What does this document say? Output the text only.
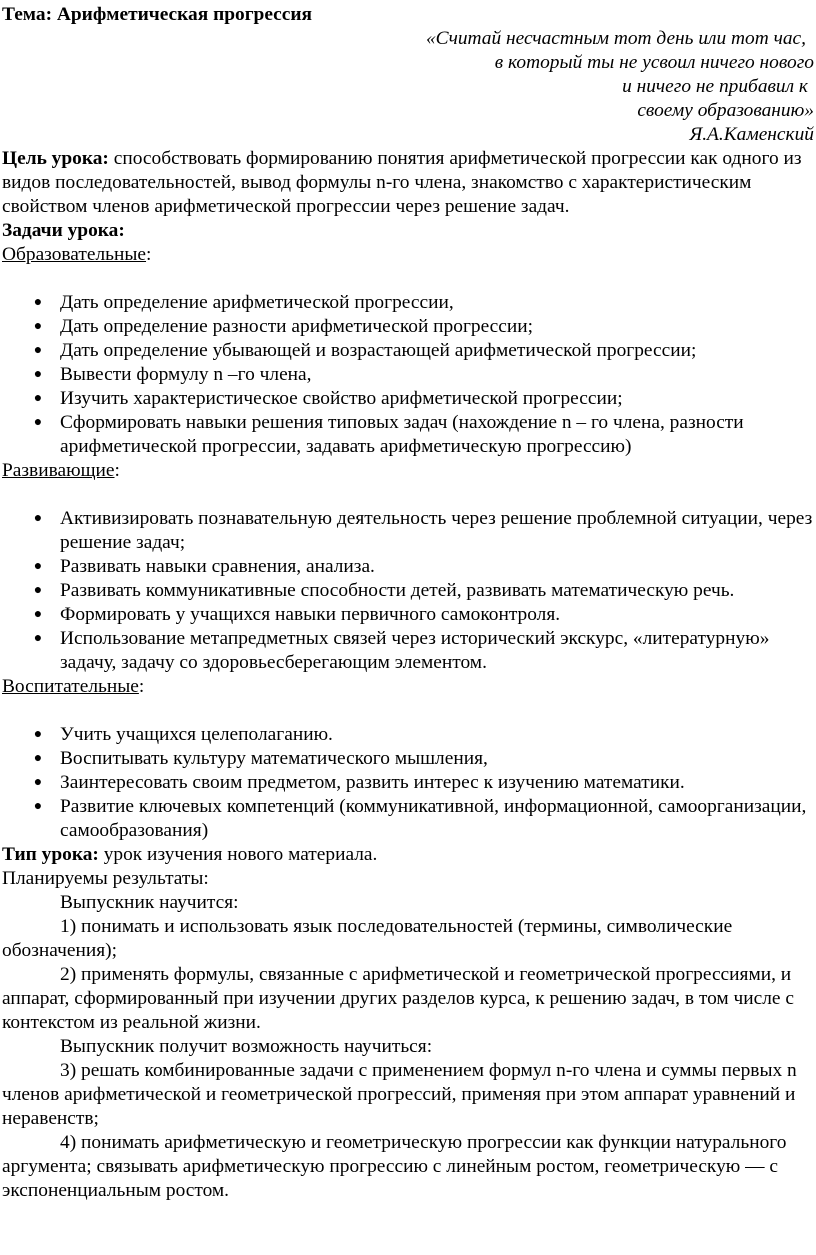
Тема: Арифметическая прогрессия

«Считай несчастным тот день или тот час,

в который ты не усвоил ничего нового

и ничего не прибавил к

своему образованию»

Я.А.Каменский

Цель урока: способствовать формированию понятия арифметической прогрессии как одного из видов последовательностей, вывод формулы n-го члена, знакомство с характеристическим свойством членов арифметической прогрессии через решение задач.

Задачи урока:

Образовательные:

● Дать определение арифметической прогрессии,
● Дать определение разности арифметической прогрессии;
● Дать определение убывающей и возрастающей арифметической прогрессии;
● Вывести формулу n –го члена,
● Изучить характеристическое свойство арифметической прогрессии;
● Сформировать навыки решения типовых задач (нахождение n – го члена, разности арифметической прогрессии, задавать арифметическую прогрессию)

Развивающие:

● Активизировать познавательную деятельность через решение проблемной ситуации, через решение задач;
● Развивать навыки сравнения, анализа.
● Развивать коммуникативные способности детей, развивать математическую речь.
● Формировать у учащихся навыки первичного самоконтроля.
● Использование метапредметных связей через исторический экскурс, «литературную» задачу, задачу со здоровьесберегающим элементом.

Воспитательные:

● Учить учащихся целеполаганию.
● Воспитывать культуру математического мышления,
● Заинтересовать своим предметом, развить интерес к изучению математики.
● Развитие ключевых компетенций (коммуникативной, информационной, самоорганизации, самообразования)

Тип урока: урок изучения нового материала.

Планируемы результаты:

Выпускник научится:

1) понимать и использовать язык последовательностей (термины, символические обозначения);

2) применять формулы, связанные с арифметической и геометрической прогрессиями, и аппарат, сформированный при изучении других разделов курса, к решению задач, в том числе с контекстом из реальной жизни.

Выпускник получит возможность научиться:

3) решать комбинированные задачи с применением формул n-го члена и суммы первых n членов арифметической и геометрической прогрессий, применяя при этом аппарат уравнений и неравенств;

4) понимать арифметическую и геометрическую прогрессии как функции натурального аргумента; связывать арифметическую прогрессию с линейным ростом, геометрическую — с экспоненциальным ростом.
